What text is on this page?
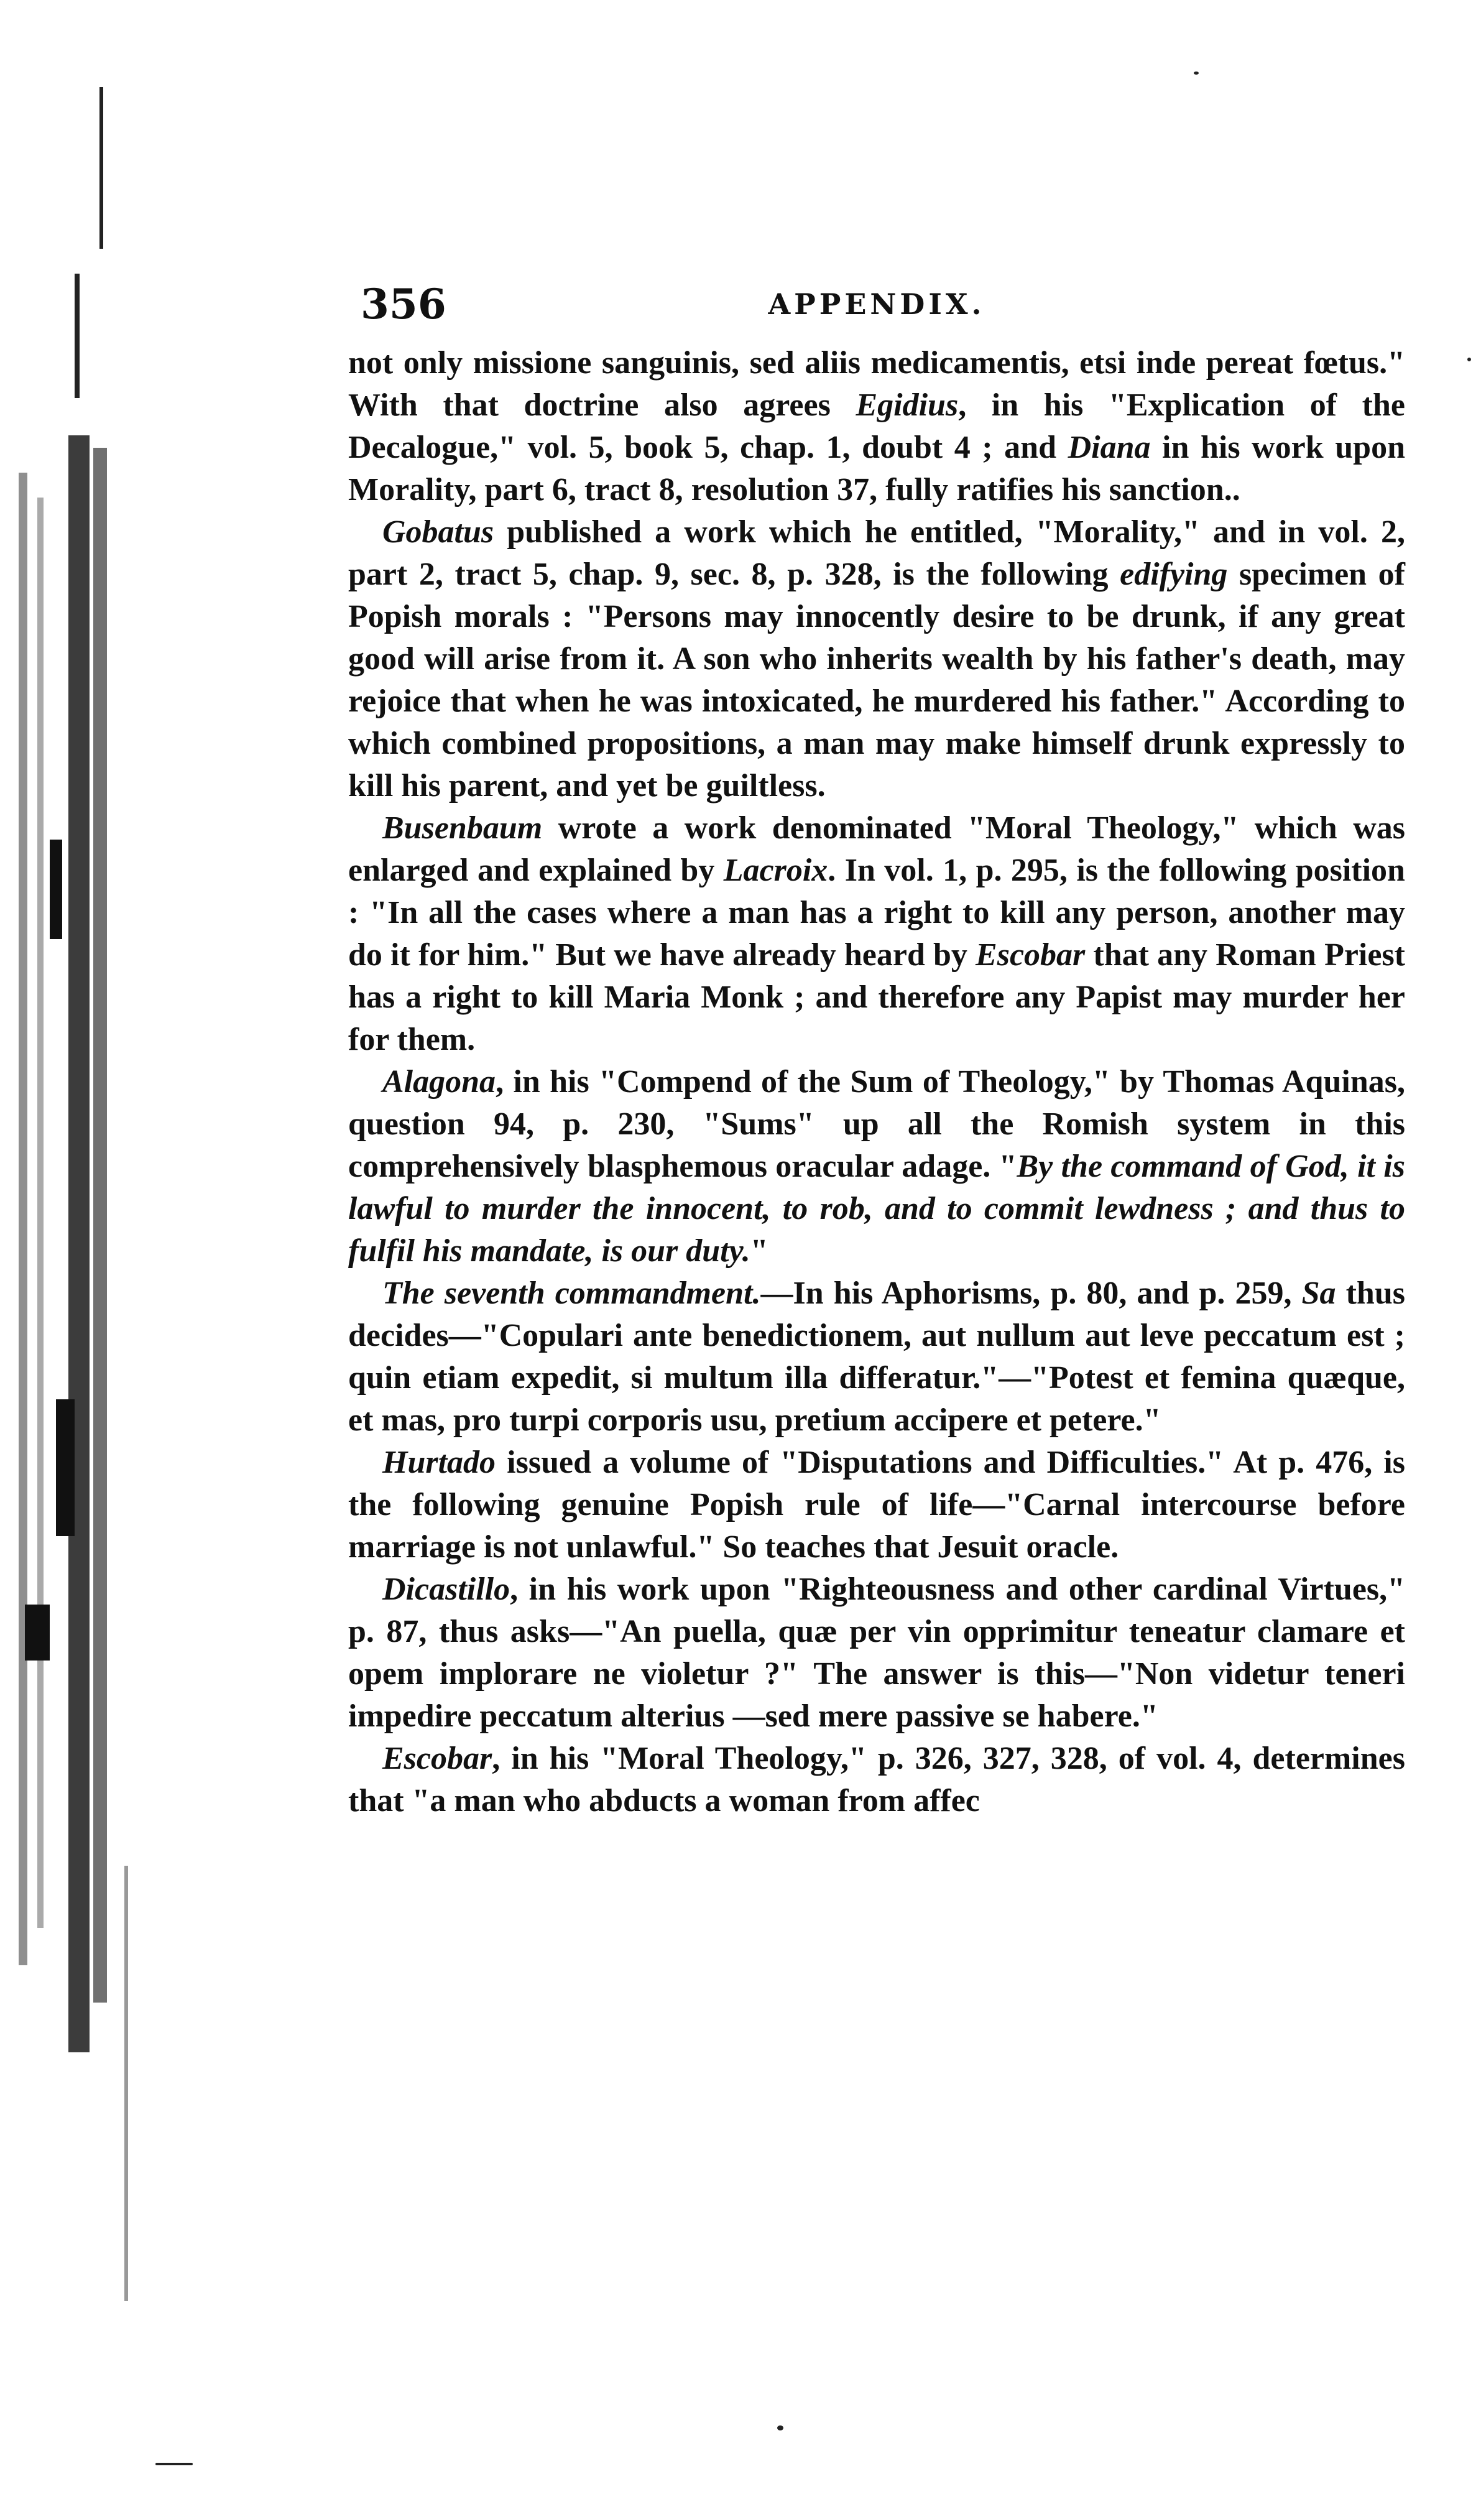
356	APPENDIX.

not only missione sanguinis, sed aliis medicamentis, etsi inde pereat fœtus." With that doctrine also agrees Egidius, in his "Explication of the Decalogue," vol. 5, book 5, chap. 1, doubt 4 ; and Diana in his work upon Morality, part 6, tract 8, resolution 37, fully ratifies his sanction..

Gobatus published a work which he entitled, "Morality," and in vol. 2, part 2, tract 5, chap. 9, sec. 8, p. 328, is the following edifying specimen of Popish morals : "Persons may innocently desire to be drunk, if any great good will arise from it. A son who inherits wealth by his father's death, may rejoice that when he was intoxicated, he murdered his father." According to which combined propositions, a man may make himself drunk expressly to kill his parent, and yet be guiltless.

Busenbaum wrote a work denominated "Moral Theology," which was enlarged and explained by Lacroix. In vol. 1, p. 295, is the following position : "In all the cases where a man has a right to kill any person, another may do it for him." But we have already heard by Escobar that any Roman Priest has a right to kill Maria Monk ; and therefore any Papist may murder her for them.

Alagona, in his "Compend of the Sum of Theology," by Thomas Aquinas, question 94, p. 230, "Sums" up all the Romish system in this comprehensively blasphemous oracular adage. "By the command of God, it is lawful to murder the innocent, to rob, and to commit lewdness ; and thus to fulfil his mandate, is our duty."

The seventh commandment.—In his Aphorisms, p. 80, and p. 259, Sa thus decides—"Copulari ante benedictionem, aut nullum aut leve peccatum est ; quin etiam expedit, si multum illa differatur."—"Potest et femina quæque, et mas, pro turpi corporis usu, pretium accipere et petere."

Hurtado issued a volume of "Disputations and Difficulties." At p. 476, is the following genuine Popish rule of life—"Carnal intercourse before marriage is not unlawful." So teaches that Jesuit oracle.

Dicastillo, in his work upon "Righteousness and other cardinal Virtues," p. 87, thus asks—"An puella, quæ per vin opprimitur teneatur clamare et opem implorare ne violetur ?" The answer is this—"Non videtur teneri impedire peccatum alterius —sed mere passive se habere."

Escobar, in his "Moral Theology," p. 326, 327, 328, of vol. 4, determines that "a man who abducts a woman from affec
